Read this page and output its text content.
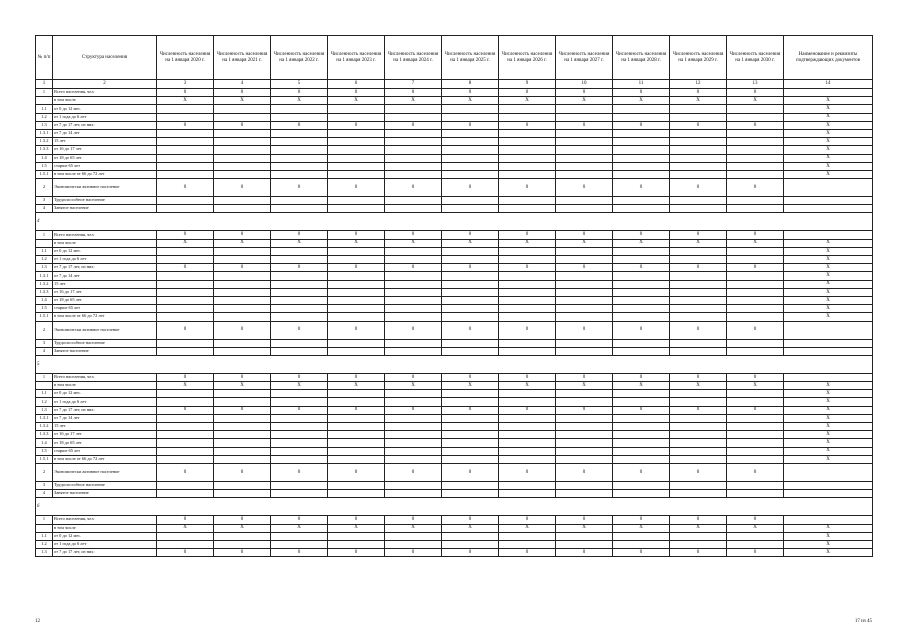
№ п/п	Структура населения	Численность населения на 1 января 2020 г.	Численность населения на 1 января 2021 г.	Численность населения на 1 января 2022 г.	Численность населения на 1 января 2023 г.	Численность населения на 1 января 2024 г.	Численность населения на 1 января 2025 г.	Численность населения на 1 января 2026 г.	Численность населения на 1 января 2027 г.	Численность населения на 1 января 2028 г.	Численность населения на 1 января 2029 г.	Численность населения на 1 января 2030 г.	Наименование и реквизиты подтверждающих документов
1	2	3	4	5	6	7	8	9	10	11	12	13	14
1	Всего населения, чел.	0	0	0	0	0	0	0	0	0	0	0	
	в том числе	Х	Х	Х	Х	Х	Х	Х	Х	Х	Х	Х	Х
1.1	от 0 до 12 мес.												Х
1.2	от 1 года до 6 лет												Х
1.3	от 7 до 17 лет, из них:	0	0	0	0	0	0	0	0	0	0	0	Х
1.3.1	от 7 до 14 лет												Х
1.3.2	15 лет												Х
1.3.3	от 16 до 17 лет												Х
1.4	от 18 до 65 лет												Х
1.5	старше 65 лет												Х
1.5.1	в том числе от 66 до 72 лет												Х
2	Экономически активное население	0	0	0	0	0	0	0	0	0	0	0	
3	Трудоспособное население												
4	Занятое население												
4													
1	Всего населения, чел.	0	0	0	0	0	0	0	0	0	0	0	
	в том числе	Х	Х	Х	Х	Х	Х	Х	Х	Х	Х	Х	Х
1.1	от 0 до 12 мес.												Х
1.2	от 1 года до 6 лет												Х
1.3	от 7 до 17 лет, из них:	0	0	0	0	0	0	0	0	0	0	0	Х
1.3.1	от 7 до 14 лет												Х
1.3.2	15 лет												Х
1.3.3	от 16 до 17 лет												Х
1.4	от 18 до 65 лет												Х
1.5	старше 65 лет												Х
1.5.1	в том числе от 66 до 72 лет												Х
2	Экономически активное население	0	0	0	0	0	0	0	0	0	0	0	
3	Трудоспособное население												
4	Занятое население												
5													
1	Всего населения, чел.	0	0	0	0	0	0	0	0	0	0	0	
	в том числе	Х	Х	Х	Х	Х	Х	Х	Х	Х	Х	Х	Х
1.1	от 0 до 12 мес.												Х
1.2	от 1 года до 6 лет												Х
1.3	от 7 до 17 лет, из них:	0	0	0	0	0	0	0	0	0	0	0	Х
1.3.1	от 7 до 14 лет												Х
1.3.2	15 лет												Х
1.3.3	от 16 до 17 лет												Х
1.4	от 18 до 65 лет												Х
1.5	старше 65 лет												Х
1.5.1	в том числе от 66 до 72 лет												Х
2	Экономически активное население	0	0	0	0	0	0	0	0	0	0	0	
3	Трудоспособное население												
4	Занятое население												
6													
1	Всего населения, чел.	0	0	0	0	0	0	0	0	0	0	0	
	в том числе	Х	Х	Х	Х	Х	Х	Х	Х	Х	Х	Х	Х
1.1	от 0 до 12 мес.												Х
1.2	от 1 года до 6 лет												Х
1.3	от 7 до 17 лет, из них:	0	0	0	0	0	0	0	0	0	0	0	Х
12	17 из 45
